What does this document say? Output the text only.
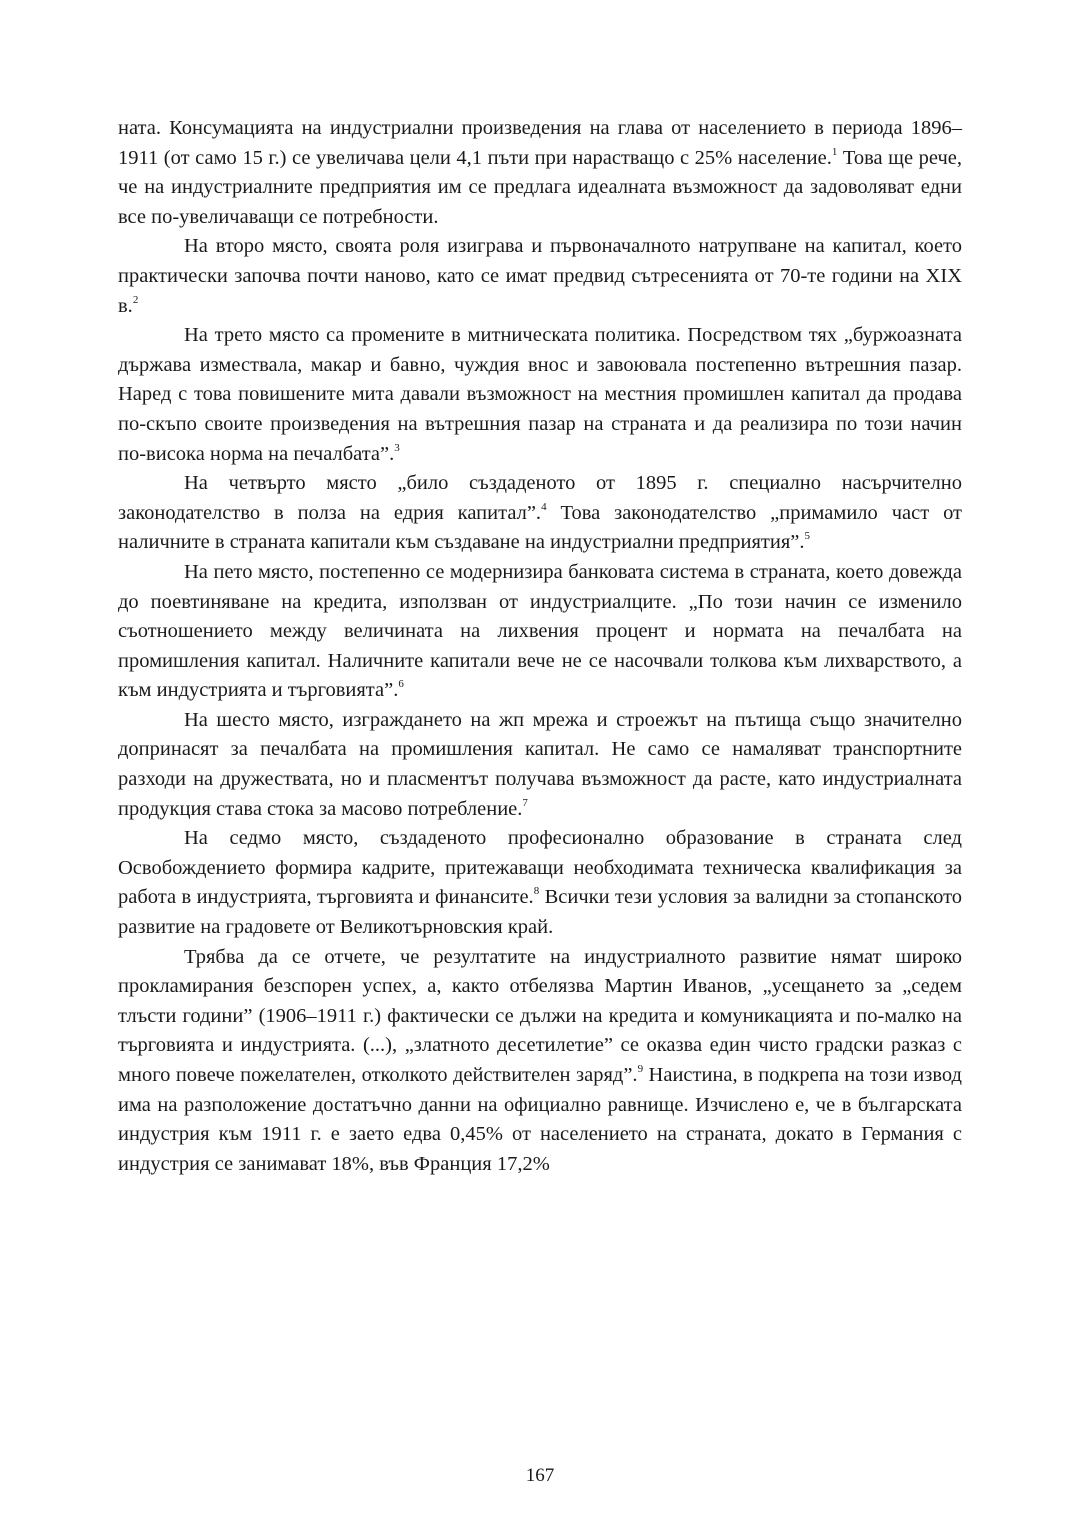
ната. Консумацията на индустриални произведения на глава от населението в периода 1896–1911 (от само 15 г.) се увеличава цели 4,1 пъти при нарастващо с 25% население.$^1$ Това ще рече, че на индустриалните предприятия им се предлага идеалната възможност да задоволяват едни все по-увеличаващи се потребности.

На второ място, своята роля изиграва и първоначалното натрупване на капитал, което практически започва почти наново, като се имат предвид сътресенията от 70-те години на XIX в.$^2$

На трето място са промените в митническата политика. Посредством тях „буржоазната държава измествала, макар и бавно, чуждия внос и завоювала постепенно вътрешния пазар. Наред с това повишените мита давали възможност на местния промишлен капитал да продава по-скъпо своите произведения на вътрешния пазар на страната и да реализира по този начин по-висока норма на печалбата”.$^3$

На четвърто място „било създаденото от 1895 г. специално насърчително законодателство в полза на едрия капитал”.$^4$ Това законодателство „примамило част от наличните в страната капитали към създаване на индустриални предприятия”.$^5$

На пето място, постепенно се модернизира банковата система в страната, което довежда до поевтиняване на кредита, използван от индустриалците. „По този начин се изменило съотношението между величината на лихвения процент и нормата на печалбата на промишления капитал. Наличните капитали вече не се насочвали толкова към лихварството, а към индустрията и търговията”.$^6$

На шесто място, изграждането на жп мрежа и строежът на пътища също значително допринасят за печалбата на промишления капитал. Не само се намаляват транспортните разходи на дружествата, но и пласментът получава възможност да расте, като индустриалната продукция става стока за масово потребление.$^7$

На седмо място, създаденото професионално образование в страната след Освобождението формира кадрите, притежаващи необходимата техническа квалификация за работа в индустрията, търговията и финансите.$^8$ Всички тези условия за валидни за стопанското развитие на градовете от Великотърновския край.

Трябва да се отчете, че резултатите на индустриалното развитие нямат широко прокламирания безспорен успех, а, както отбелязва Мартин Иванов, „усещането за „седем тлъсти години” (1906–1911 г.) фактически се дължи на кредита и комуникацията и по-малко на търговията и индустрията. (...), „златното десетилетие” се оказва един чисто градски разказ с много повече пожелателен, отколкото действителен заряд”.$^9$ Наистина, в подкрепа на този извод има на разположение достатъчно данни на официално равнище. Изчислено е, че в българската индустрия към 1911 г. е заето едва 0,45% от населението на страната, докато в Германия с индустрия се занимават 18%, във Франция 17,2%

167
